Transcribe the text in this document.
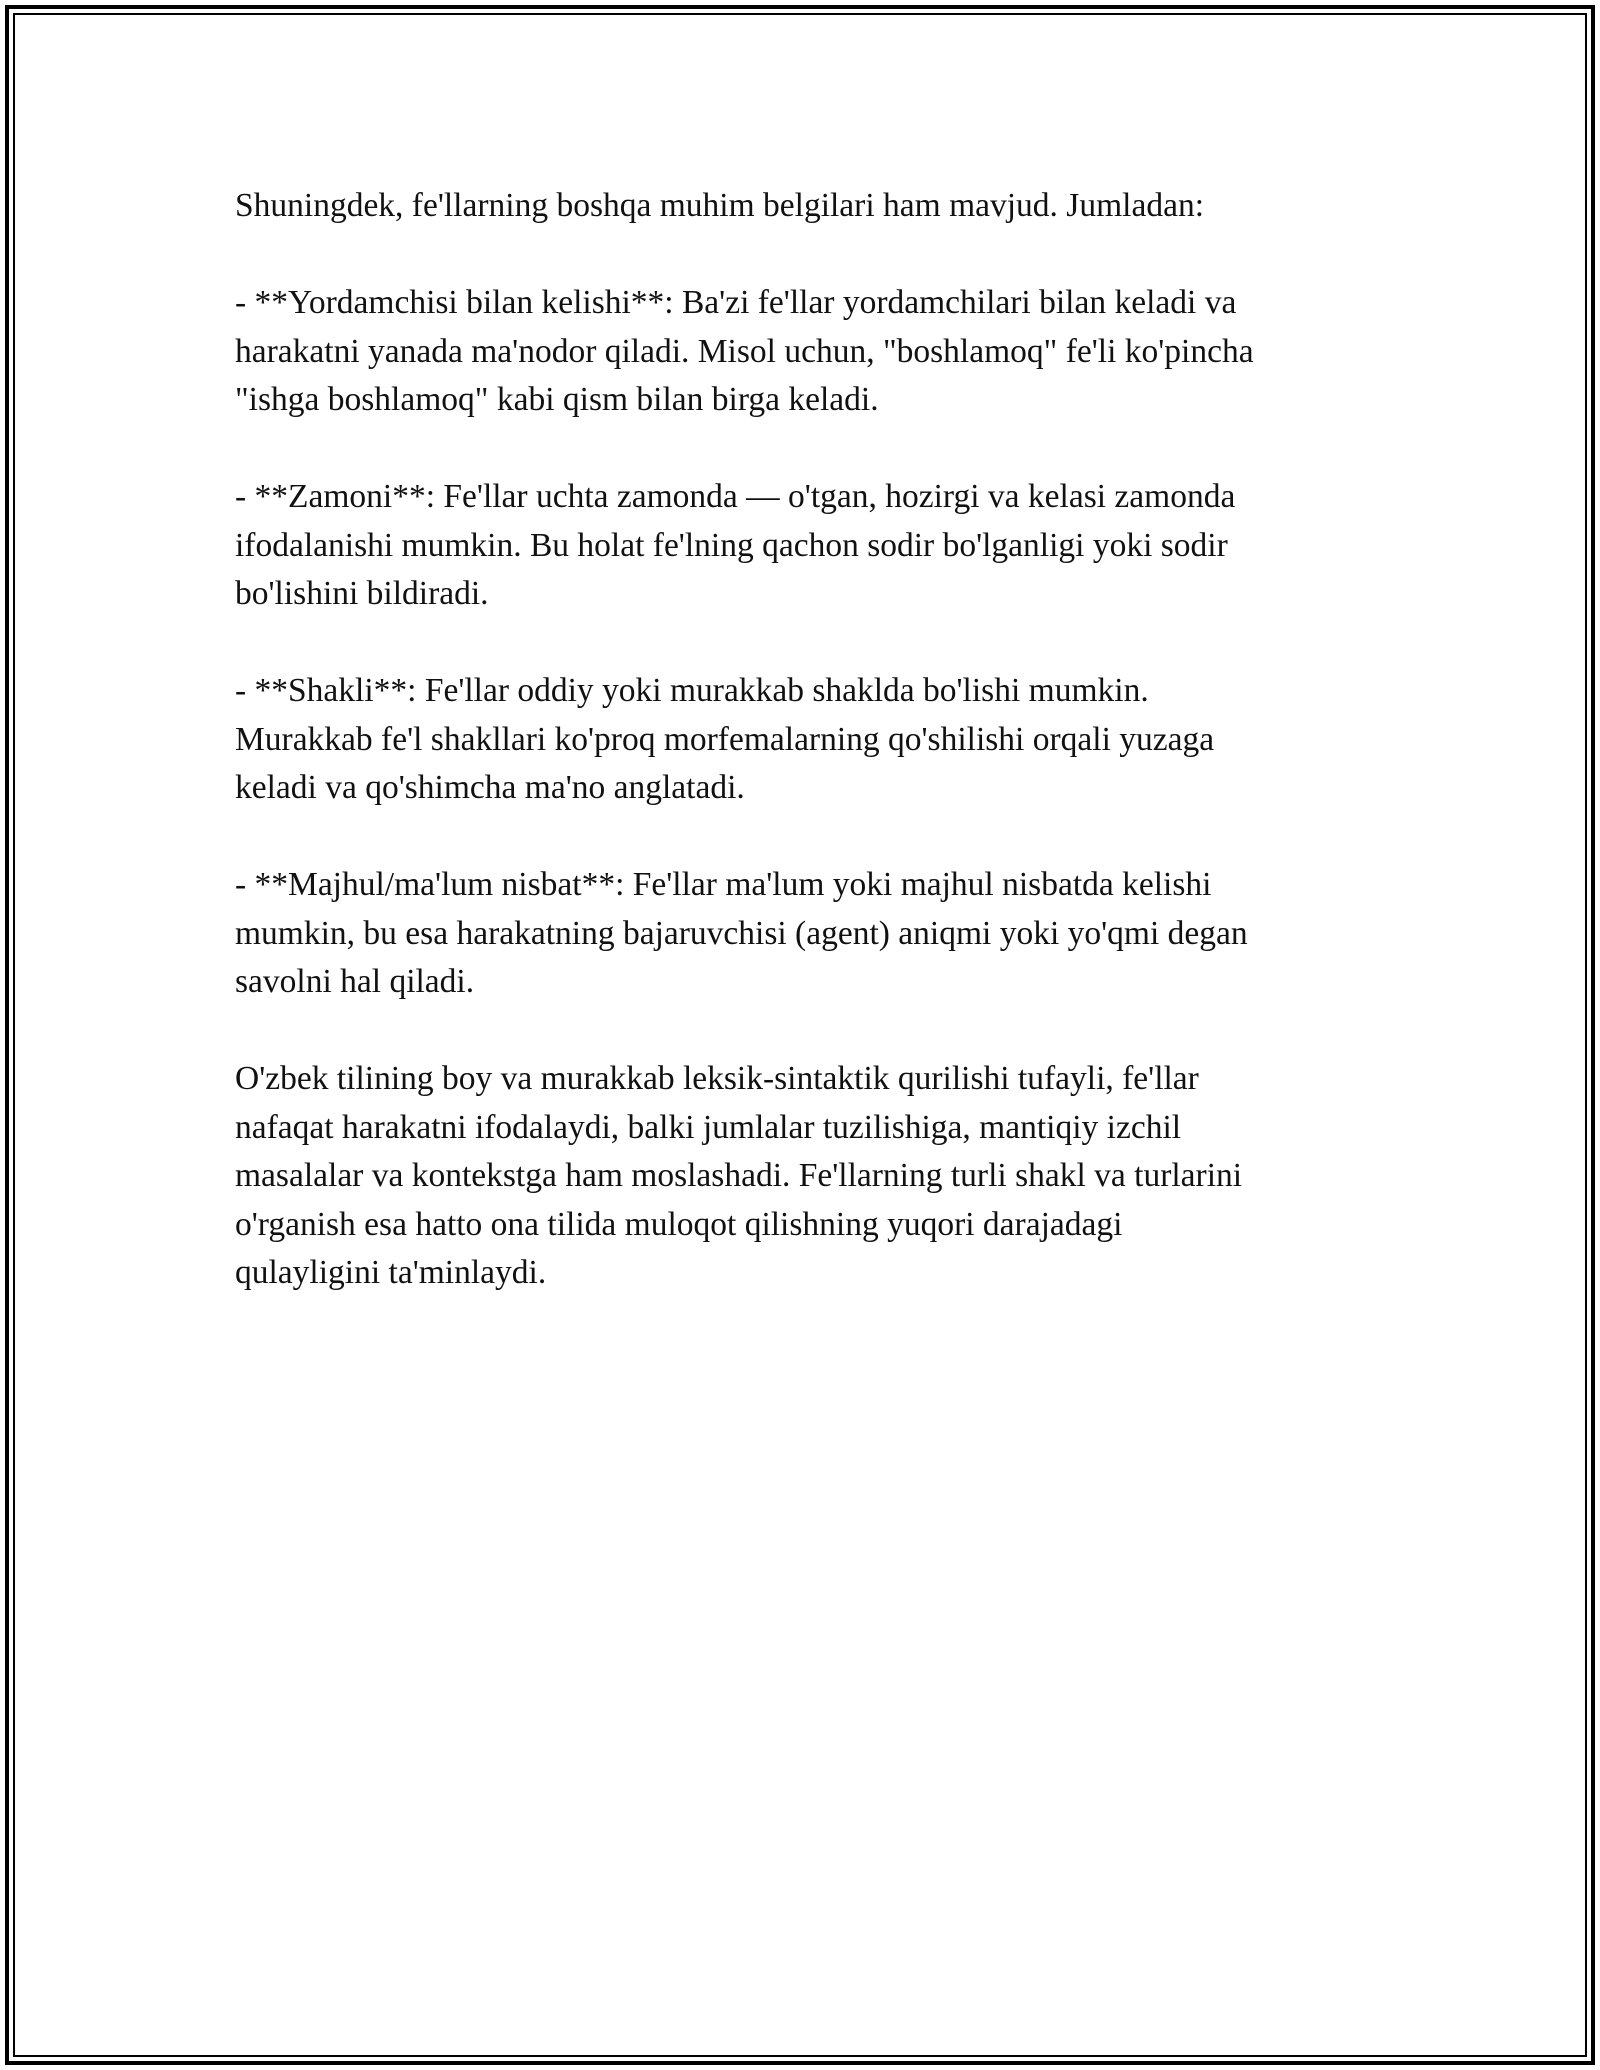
Shuningdek, fe'llarning boshqa muhim belgilari ham mavjud. Jumladan:

- **Yordamchisi bilan kelishi**: Ba'zi fe'llar yordamchilari bilan keladi va
harakatni yanada ma'nodor qiladi. Misol uchun, "boshlamoq" fe'li ko'pincha
"ishga boshlamoq" kabi qism bilan birga keladi.

- **Zamoni**: Fe'llar uchta zamonda — o'tgan, hozirgi va kelasi zamonda
ifodalanishi mumkin. Bu holat fe'lning qachon sodir bo'lganligi yoki sodir
bo'lishini bildiradi.

- **Shakli**: Fe'llar oddiy yoki murakkab shakldа bo'lishi mumkin.
Murakkab fe'l shakllari ko'proq morfemalarning qo'shilishi orqali yuzaga
keladi va qo'shimcha ma'no anglatadi.

- **Majhul/ma'lum nisbat**: Fe'llar ma'lum yoki majhul nisbatda kelishi
mumkin, bu esa harakatning bajaruvchisi (agent) aniqmi yoki yo'qmi degan
savolni hal qiladi.

O'zbek tilining boy va murakkab leksik-sintaktik qurilishi tufayli, fe'llar
nafaqat harakatni ifodalaydi, balki jumlalar tuzilishiga, mantiqiy izchil
masalalar va kontekstga ham moslashadi. Fe'llarning turli shakl va turlarini
o'rganish esa hatto ona tilida muloqot qilishning yuqori darajadagi
qulayligini ta'minlaydi.
